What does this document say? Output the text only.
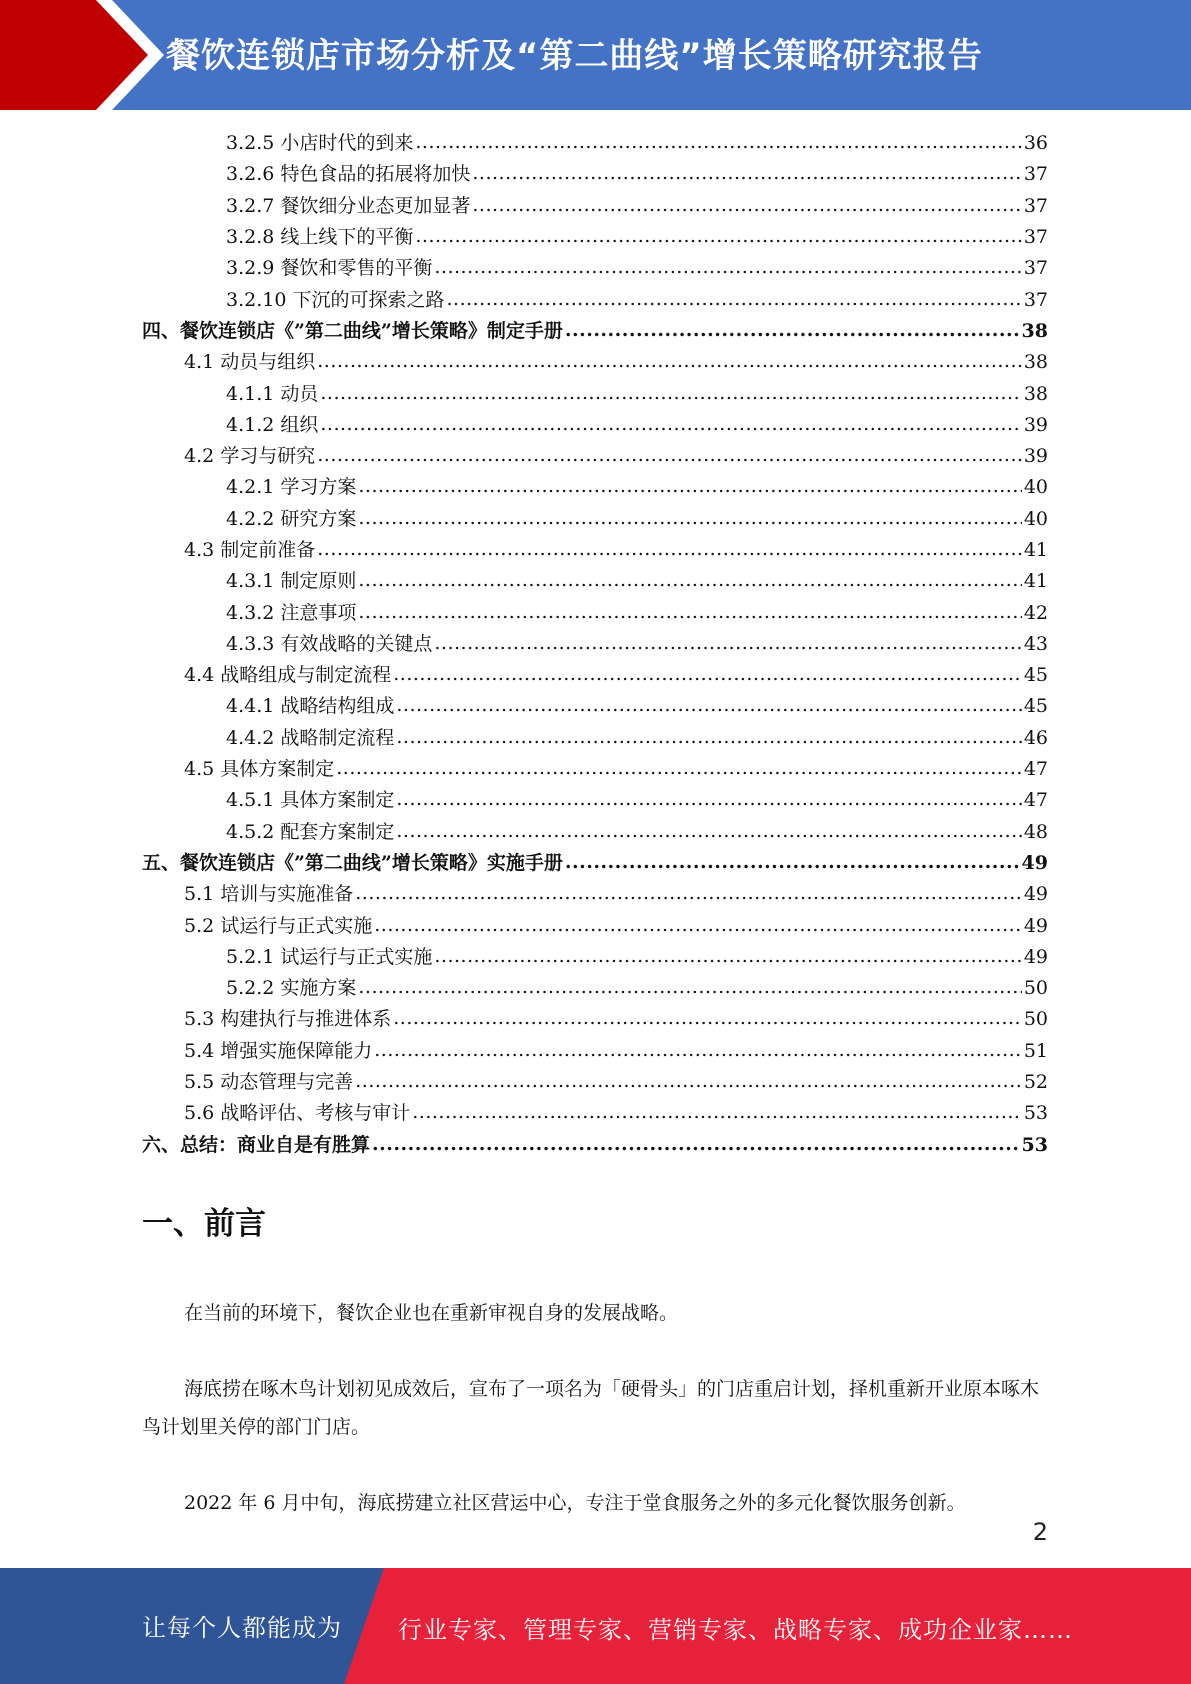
餐饮连锁店市场分析及“第二曲线”增长策略研究报告
3.2.5 小店时代的到来 .....	36
3.2.6 特色食品的拓展将加快 .....	37
3.2.7 餐饮细分业态更加显著 .....	37
3.2.8 线上线下的平衡 .....	37
3.2.9 餐饮和零售的平衡 .....	37
3.2.10 下沉的可探索之路 .....	37
四、餐饮连锁店《”第二曲线”增长策略》制定手册 .....	38
4.1 动员与组织 .....	38
4.1.1 动员 .....	38
4.1.2 组织 .....	39
4.2 学习与研究 .....	39
4.2.1 学习方案 .....	40
4.2.2 研究方案 .....	40
4.3 制定前准备 .....	41
4.3.1 制定原则 .....	41
4.3.2 注意事项 .....	42
4.3.3 有效战略的关键点 .....	43
4.4 战略组成与制定流程 .....	45
4.4.1 战略结构组成 .....	45
4.4.2 战略制定流程 .....	46
4.5 具体方案制定 .....	47
4.5.1 具体方案制定 .....	47
4.5.2 配套方案制定 .....	48
五、餐饮连锁店《”第二曲线”增长策略》实施手册 .....	49
5.1 培训与实施准备 .....	49
5.2 试运行与正式实施 .....	49
5.2.1 试运行与正式实施 .....	49
5.2.2 实施方案 .....	50
5.3 构建执行与推进体系 .....	50
5.4 增强实施保障能力 .....	51
5.5 动态管理与完善 .....	52
5.6 战略评估、考核与审计 .....	53
六、总结：商业自是有胜算 .....	53
一、前言
在当前的环境下，餐饮企业也在重新审视自身的发展战略。
海底捞在啄木鸟计划初见成效后，宣布了一项名为「硬骨头」的门店重启计划，择机重新开业原本啄木鸟计划里关停的部门门店。
2022 年 6 月中旬，海底捞建立社区营运中心，专注于堂食服务之外的多元化餐饮服务创新。
2
让每个人都能成为 行业专家、管理专家、营销专家、战略专家、成功企业家……
